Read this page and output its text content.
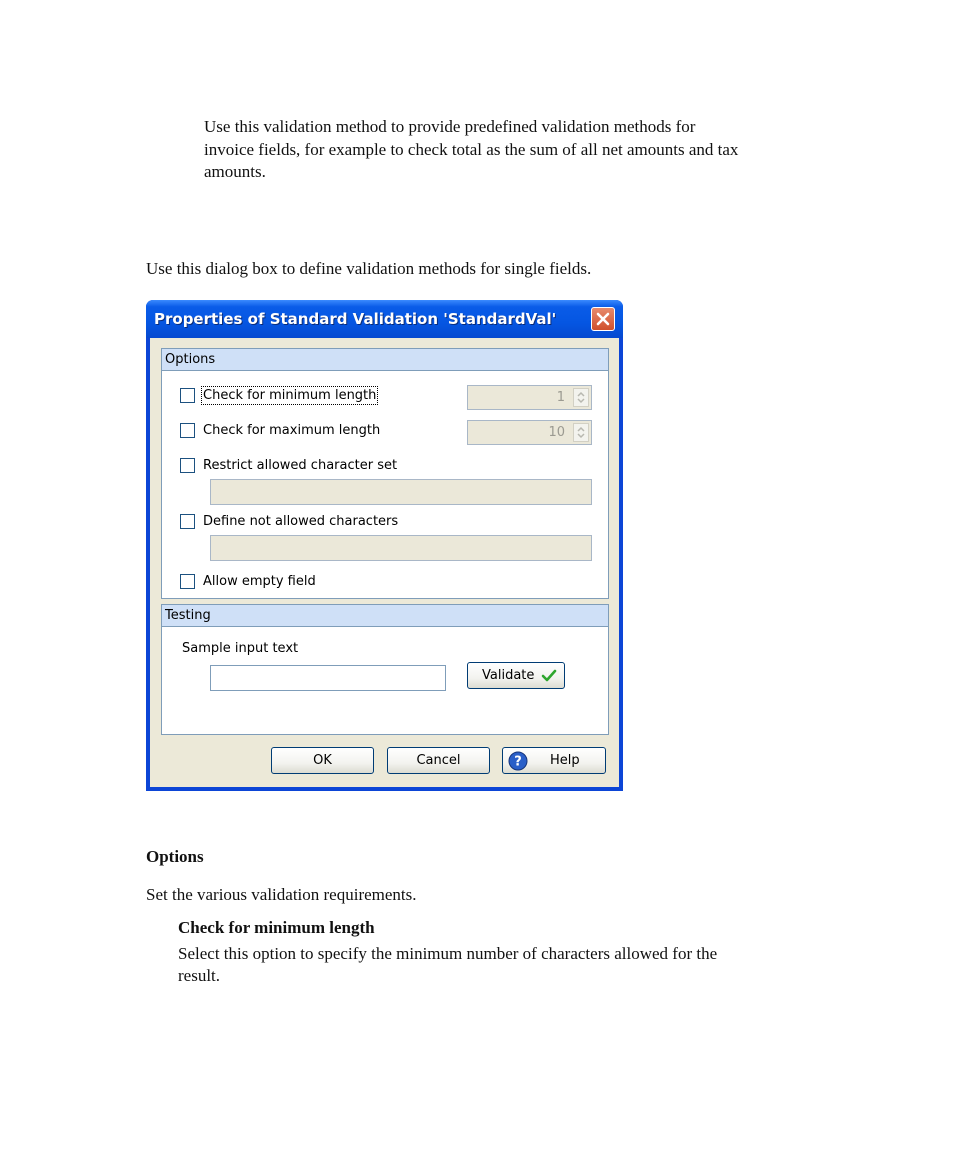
Use this validation method to provide predefined validation methods for
invoice fields, for example to check total as the sum of all net amounts and tax
amounts.
Use this dialog box to define validation methods for single fields.
Properties of Standard Validation 'StandardVal'
Options
Check for minimum length	1
Check for maximum length	10
Restrict allowed character set
Define not allowed characters
Allow empty field
Testing
Sample input text
Validate
OK	Cancel	? Help
Options
Set the various validation requirements.
Check for minimum length
Select this option to specify the minimum number of characters allowed for the
result.
